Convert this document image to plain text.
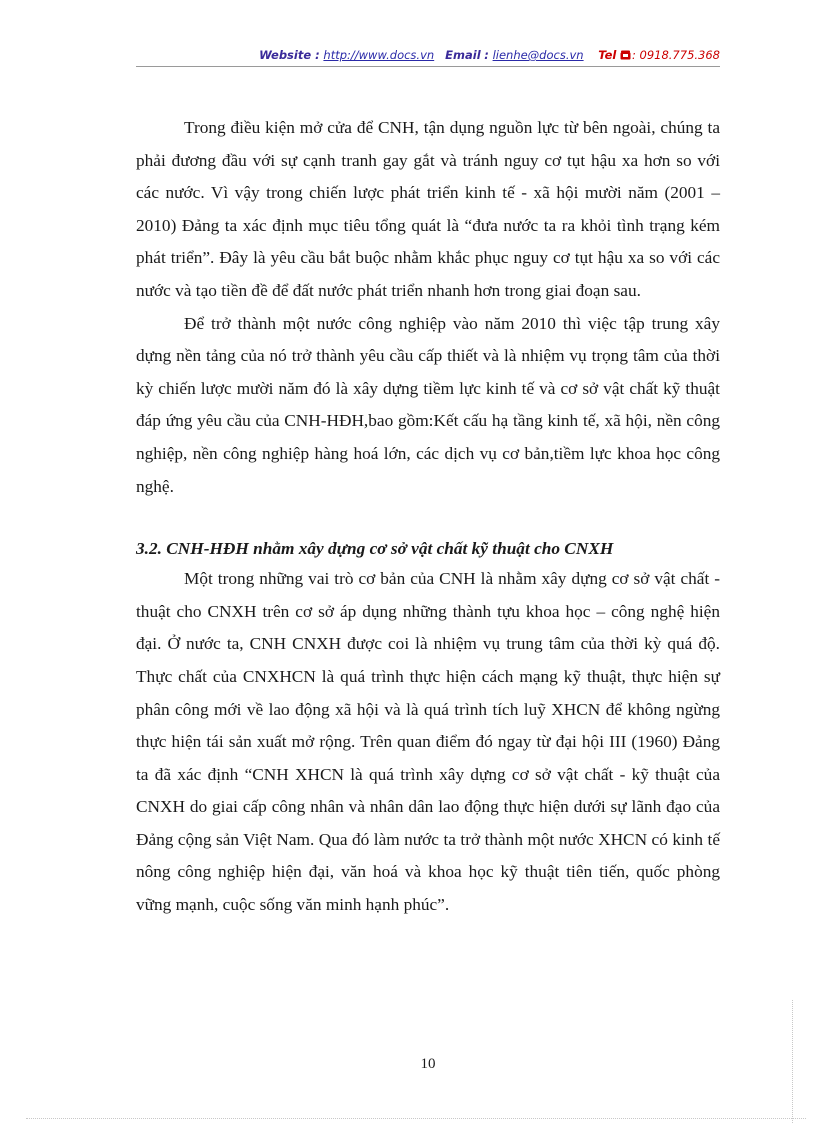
Website : http://www.docs.vn Email : lienhe@docs.vn Tel : 0918.775.368

Trong điều kiện mở cửa để CNH, tận dụng nguồn lực từ bên ngoài, chúng ta phải đương đầu với sự cạnh tranh gay gắt và tránh nguy cơ tụt hậu xa hơn so với các nước. Vì vậy trong chiến lược phát triển kinh tế - xã hội mười năm (2001 – 2010) Đảng ta xác định mục tiêu tổng quát là “đưa nước ta ra khỏi tình trạng kém phát triển”. Đây là yêu cầu bắt buộc nhằm khắc phục nguy cơ tụt hậu xa so với các nước và tạo tiền đề để đất nước phát triển nhanh hơn trong giai đoạn sau.

Để trở thành một nước công nghiệp vào năm 2010 thì việc tập trung xây dựng nền tảng của nó trở thành yêu cầu cấp thiết và là nhiệm vụ trọng tâm của thời kỳ chiến lược mười năm đó là xây dựng tiềm lực kinh tế và cơ sở vật chất kỹ thuật đáp ứng yêu cầu của CNH-HĐH,bao gồm:Kết cấu hạ tầng kinh tế, xã hội, nền công nghiệp, nền công nghiệp hàng hoá lớn, các dịch vụ cơ bản,tiềm lực khoa học công nghệ.

3.2. CNH-HĐH nhằm xây dựng cơ sở vật chất kỹ thuật cho CNXH

Một trong những vai trò cơ bản của CNH là nhằm xây dựng cơ sở vật chất - thuật cho CNXH trên cơ sở áp dụng những thành tựu khoa học – công nghệ hiện đại. Ở nước ta, CNH CNXH được coi là nhiệm vụ trung tâm của thời kỳ quá độ. Thực chất của CNXHCN là quá trình thực hiện cách mạng kỹ thuật, thực hiện sự phân công mới về lao động xã hội và là quá trình tích luỹ XHCN để không ngừng thực hiện tái sản xuất mở rộng. Trên quan điểm đó ngay từ đại hội III (1960) Đảng ta đã xác định “CNH XHCN là quá trình xây dựng cơ sở vật chất - kỹ thuật của CNXH do giai cấp công nhân và nhân dân lao động thực hiện dưới sự lãnh đạo của Đảng cộng sản Việt Nam. Qua đó làm nước ta trở thành một nước XHCN có kinh tế nông công nghiệp hiện đại, văn hoá và khoa học kỹ thuật tiên tiến, quốc phòng vững mạnh, cuộc sống văn minh hạnh phúc”.

10
